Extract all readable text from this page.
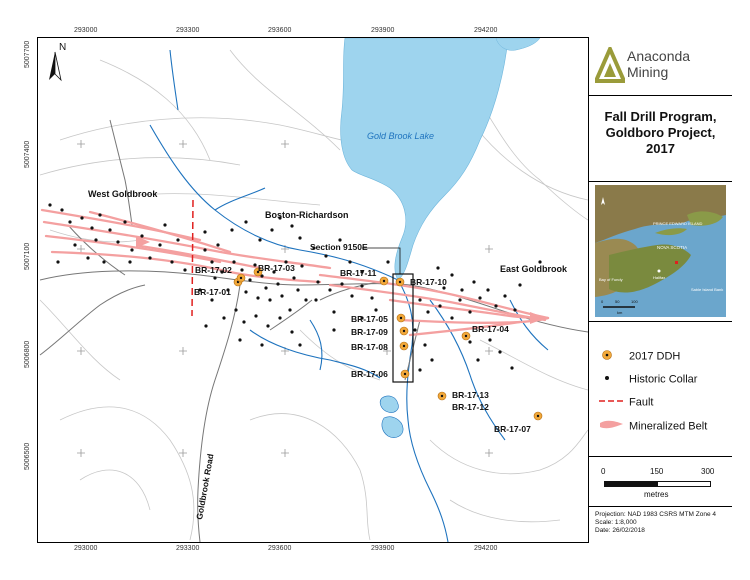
293000	293300	293600	293900	294200
293000	293300	293600	293900	294200
5007700
5007400
5007100
5006800
5006500
N
Gold Brook Lake
West Goldbrook
Boston-Richardson
East Goldbrook
Section 9150E
Goldbrook Road
BR-17-02	BR-17-03
BR-17-01
BR-17-11
BR-17-10
BR-17-05
BR-17-09
BR-17-08
BR-17-06
BR-17-04
BR-17-13
BR-17-12
BR-17-07
Anaconda
Mining
Fall Drill Program,
Goldboro Project,
2017
PRINCE EDWARD ISLAND
NOVA SCOTIA
Bay of Fundy
Sable Island Bank
Halifax
0	50	100
km
2017 DDH
Historic Collar
Fault
Mineralized Belt
0	150	300
metres
Projection: NAD 1983 CSRS MTM Zone 4
Scale: 1:8,000
Date: 26/02/2018
